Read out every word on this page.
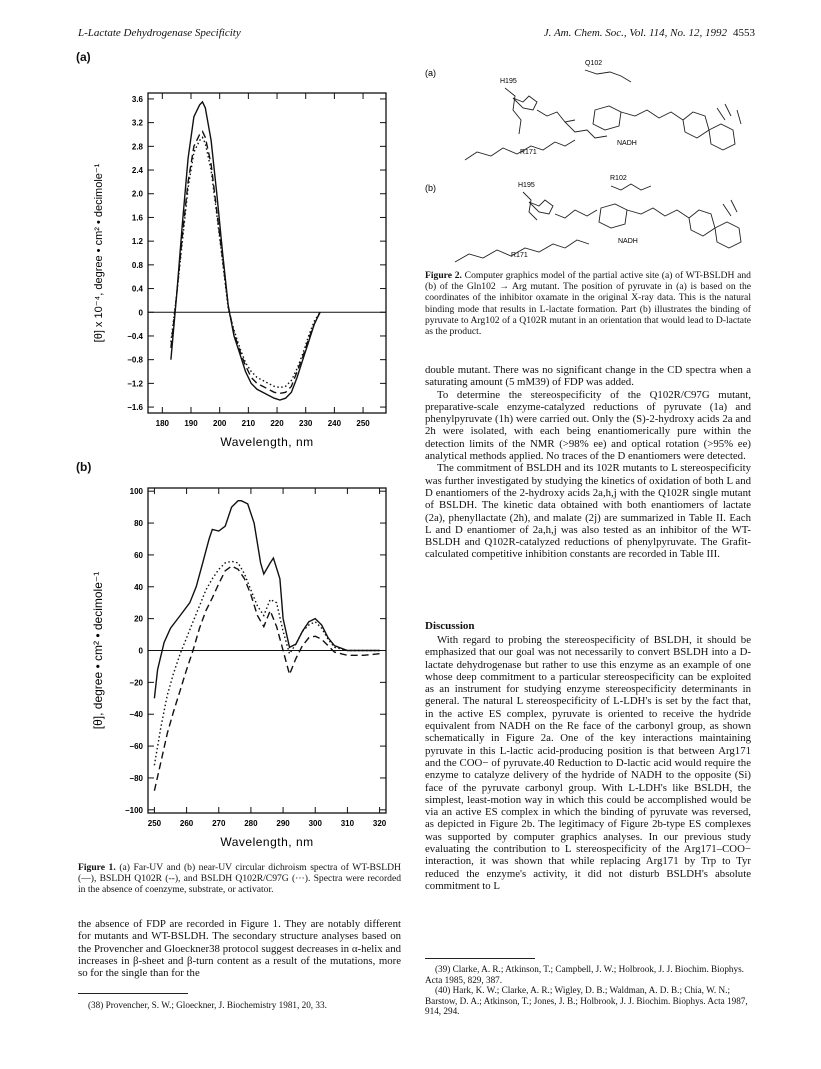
L-Lactate Dehydrogenase Specificity	J. Am. Chem. Soc., Vol. 114, No. 12, 1992 4553
(a)
(b)
3.6
3.2
2.8
2.4
2.0
1.6
1.2
0.8
0.4
0
−0.4
−0.8
−1.2
−1.6
180 190 200 210 220 230 240 250
Wavelength, nm
[θ] x 10⁻⁴, degree • cm² • decimole⁻¹
100
80
60
40
20
0
−20
−40
−60
−80
−100
250 260 270 280 290 300 310 320
Wavelength, nm
[θ], degree • cm² • decimole⁻¹
Figure 1. (a) Far-UV and (b) near-UV circular dichroism spectra of WT-BSLDH (—), BSLDH Q102R (--), and BSLDH Q102R/C97G (···). Spectra were recorded in the absence of coenzyme, substrate, or activator.

the absence of FDP are recorded in Figure 1. They are notably different for mutants and WT-BSLDH. The secondary structure analyses based on the Provencher and Gloeckner38 protocol suggest decreases in α-helix and increases in β-sheet and β-turn content as a result of the mutations, more so for the single than for the

(38) Provencher, S. W.; Gloeckner, J. Biochemistry 1981, 20, 33.

(a)
(b)
Q102
H195
NADH
R171
R102
H195
NADH
R171
Figure 2. Computer graphics model of the partial active site (a) of WT-BSLDH and (b) of the Gln102 → Arg mutant. The position of pyruvate in (a) is based on the coordinates of the inhibitor oxamate in the original X-ray data. This is the natural binding mode that results in L-lactate formation. Part (b) illustrates the binding of pyruvate to Arg102 of a Q102R mutant in an orientation that would lead to D-lactate as the product.

double mutant. There was no significant change in the CD spectra when a saturating amount (5 mM39) of FDP was added.

To determine the stereospecificity of the Q102R/C97G mutant, preparative-scale enzyme-catalyzed reductions of pyruvate (1a) and phenylpyruvate (1h) were carried out. Only the (S)-2-hydroxy acids 2a and 2h were isolated, with each being enantiomerically pure within the detection limits of the NMR (>98% ee) and optical rotation (>95% ee) analytical methods applied. No traces of the D enantiomers were detected.

The commitment of BSLDH and its 102R mutants to L stereospecificity was further investigated by studying the kinetics of oxidation of both L and D enantiomers of the 2-hydroxy acids 2a,h,j with the Q102R single mutant of BSLDH. The kinetic data obtained with both enantiomers of lactate (2a), phenyllactate (2h), and malate (2j) are summarized in Table II. Each L and D enantiomer of 2a,h,j was also tested as an inhibitor of the WT-BSLDH and Q102R-catalyzed reductions of phenylpyruvate. The Grafit-calculated competitive inhibition constants are recorded in Table III.

Discussion

With regard to probing the stereospecificity of BSLDH, it should be emphasized that our goal was not necessarily to convert BSLDH into a D-lactate dehydrogenase but rather to use this enzyme as an example of one whose deep commitment to a particular stereospecificity can be exploited as an instrument for studying enzyme stereospecificity determinants in general. The natural L stereospecificity of L-LDH's is set by the fact that, in the active ES complex, pyruvate is oriented to receive the hydride equivalent from NADH on the Re face of the carbonyl group, as shown schematically in Figure 2a. One of the key interactions maintaining pyruvate in this L-lactic acid-producing position is that between Arg171 and the COO− of pyruvate.40 Reduction to D-lactic acid would require the enzyme to catalyze delivery of the hydride of NADH to the opposite (Si) face of the pyruvate carbonyl group. With L-LDH's like BSLDH, the simplest, least-motion way in which this could be accomplished would be via an active ES complex in which the binding of pyruvate was reversed, as depicted in Figure 2b. The legitimacy of Figure 2b-type ES complexes was supported by computer graphics analyses. In our previous study evaluating the contribution to L stereospecificity of the Arg171–COO− interaction, it was shown that while replacing Arg171 by Trp to Tyr reduced the enzyme's activity, it did not disturb BSLDH's absolute commitment to L

(39) Clarke, A. R.; Atkinson, T.; Campbell, J. W.; Holbrook, J. J. Biochim. Biophys. Acta 1985, 829, 387.

(40) Hark, K. W.; Clarke, A. R.; Wigley, D. B.; Waldman, A. D. B.; Chia, W. N.; Barstow, D. A.; Atkinson, T.; Jones, J. B.; Holbrook, J. J. Biochim. Biophys. Acta 1987, 914, 294.
